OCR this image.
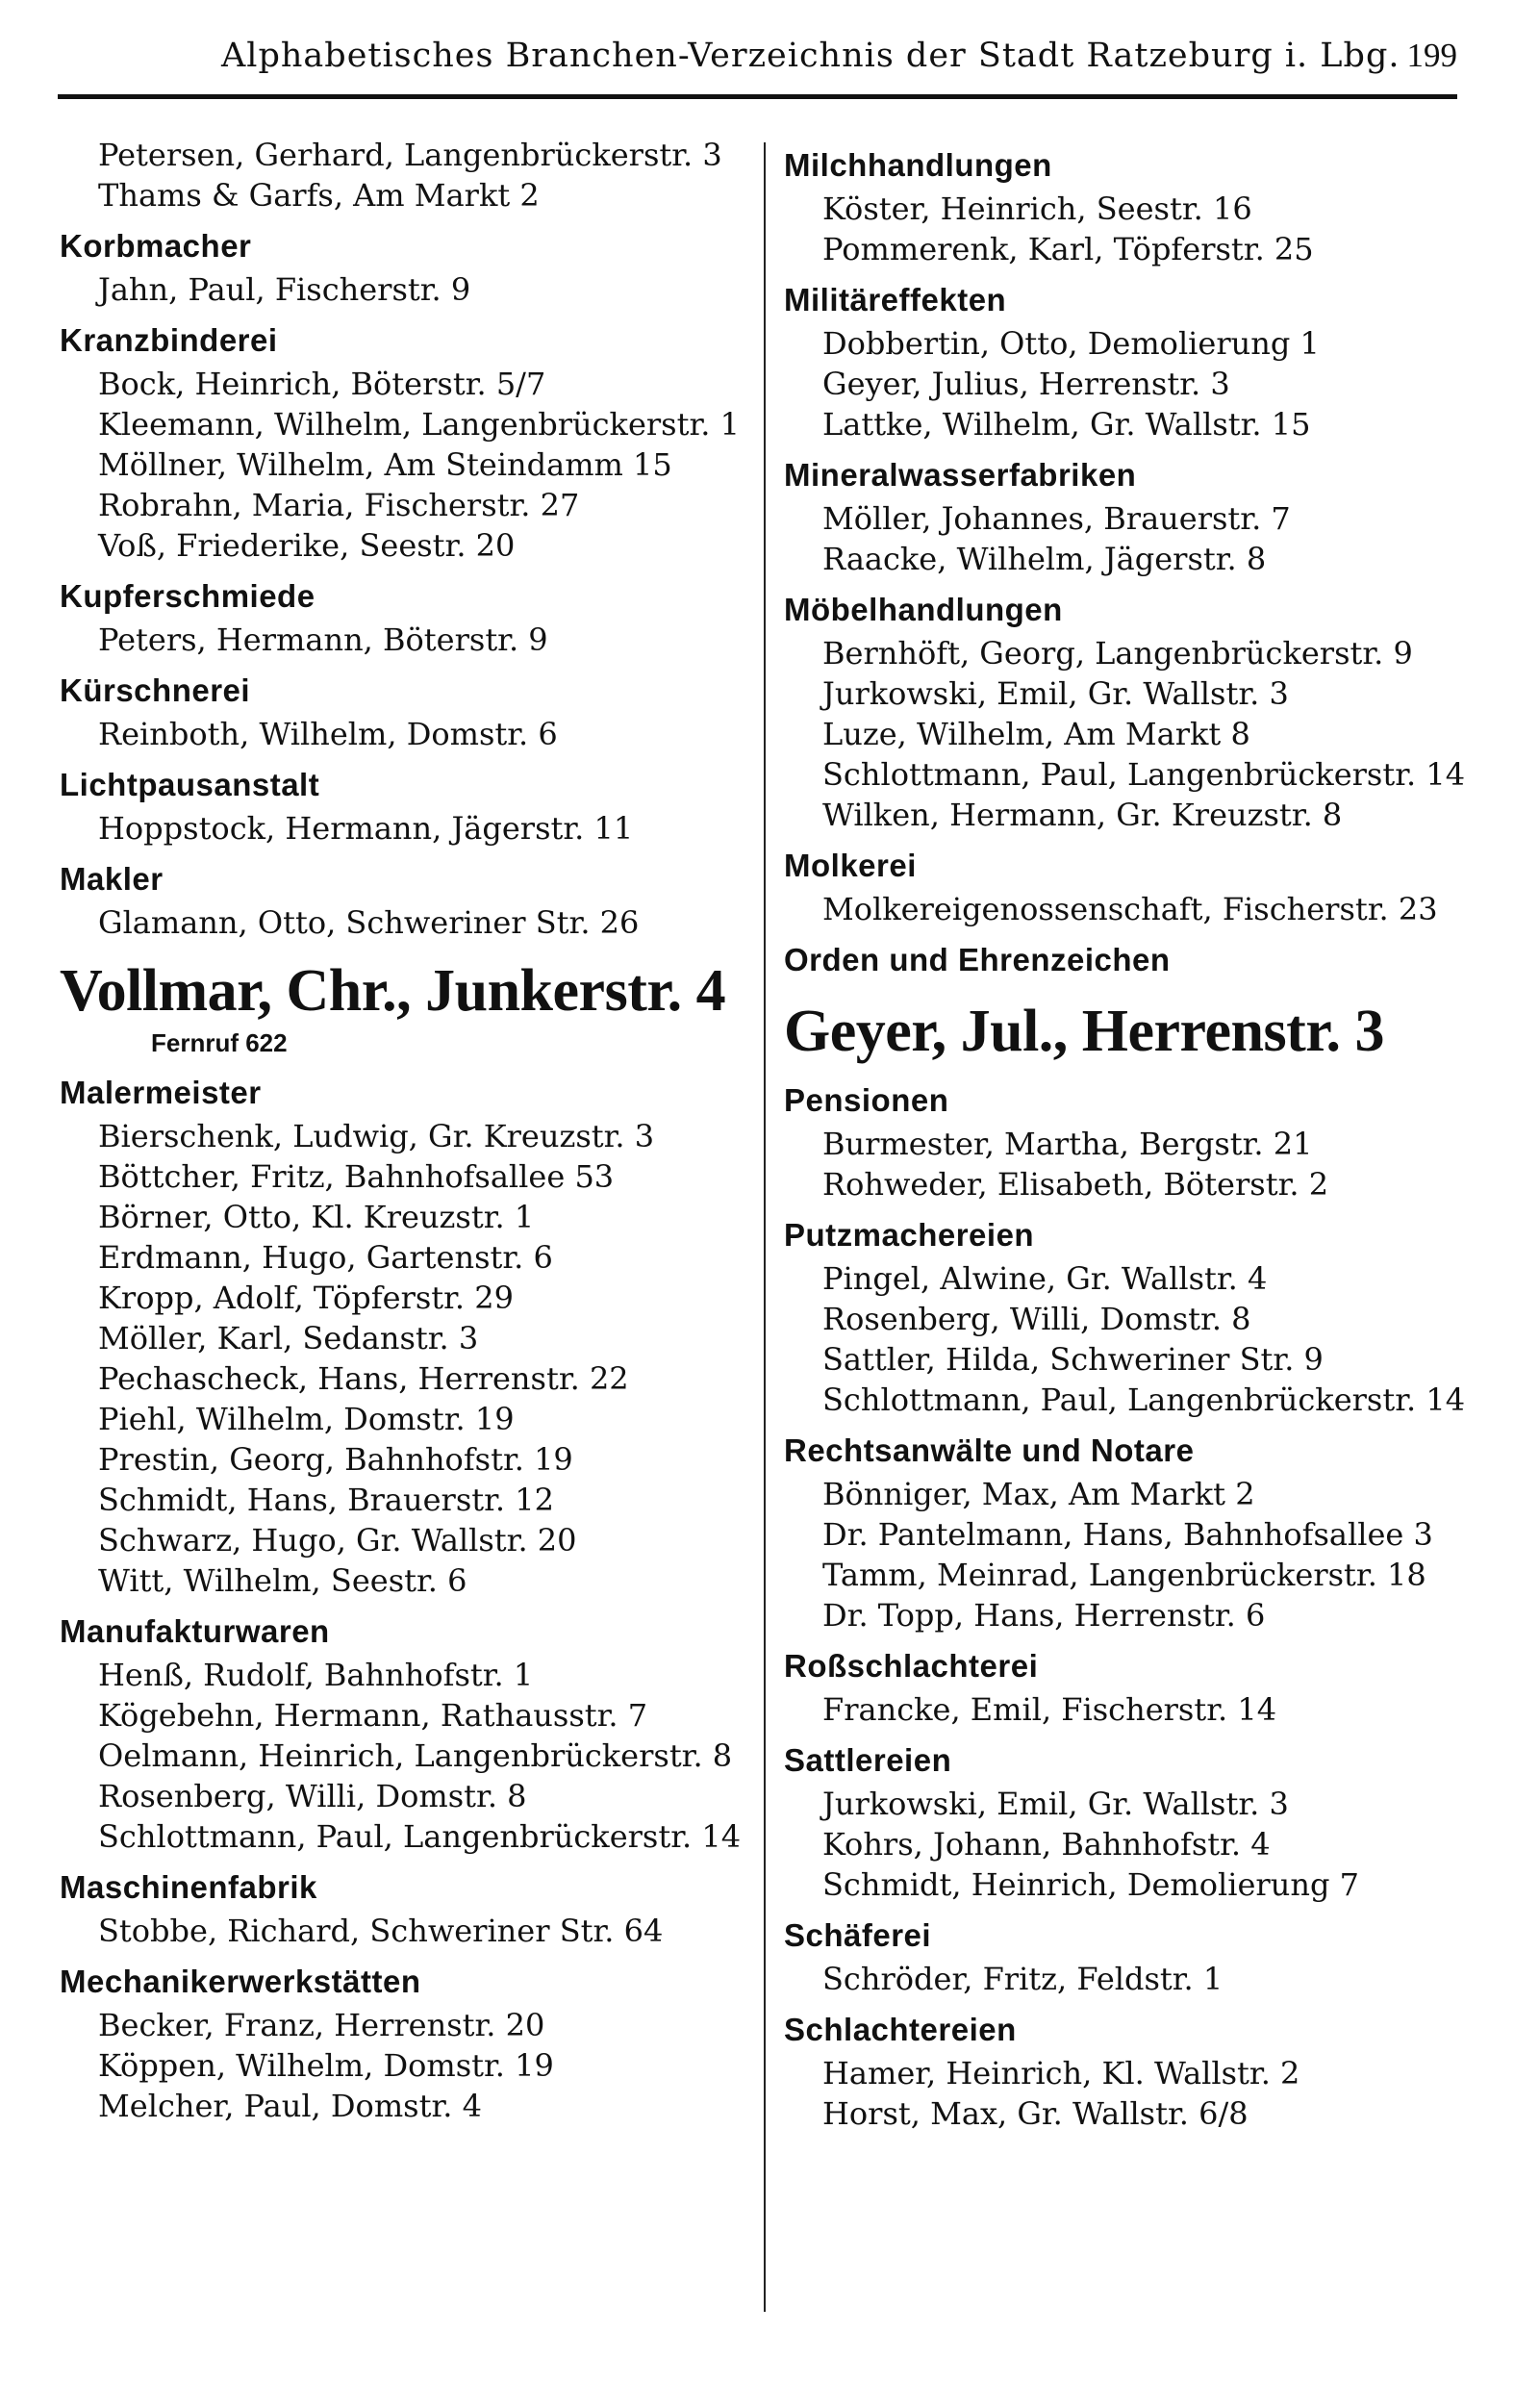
Alphabetisches Branchen-Verzeichnis der Stadt Ratzeburg i. Lbg. 199
Petersen, Gerhard, Langenbrückerstr. 3
Thams & Garfs, Am Markt 2
Korbmacher
Jahn, Paul, Fischerstr. 9
Kranzbinderei
Bock, Heinrich, Böterstr. 5/7
Kleemann, Wilhelm, Langenbrückerstr. 1
Möllner, Wilhelm, Am Steindamm 15
Robrahn, Maria, Fischerstr. 27
Voß, Friederike, Seestr. 20
Kupferschmiede
Peters, Hermann, Böterstr. 9
Kürschnerei
Reinboth, Wilhelm, Domstr. 6
Lichtpausanstalt
Hoppstock, Hermann, Jägerstr. 11
Makler
Glamann, Otto, Schweriner Str. 26
Vollmar, Chr., Junkerstr. 4
Fernruf 622
Malermeister
Bierschenk, Ludwig, Gr. Kreuzstr. 3
Böttcher, Fritz, Bahnhofsallee 53
Börner, Otto, Kl. Kreuzstr. 1
Erdmann, Hugo, Gartenstr. 6
Kropp, Adolf, Töpferstr. 29
Möller, Karl, Sedanstr. 3
Pechascheck, Hans, Herrenstr. 22
Piehl, Wilhelm, Domstr. 19
Prestin, Georg, Bahnhofstr. 19
Schmidt, Hans, Brauerstr. 12
Schwarz, Hugo, Gr. Wallstr. 20
Witt, Wilhelm, Seestr. 6
Manufakturwaren
Henß, Rudolf, Bahnhofstr. 1
Kögebehn, Hermann, Rathausstr. 7
Oelmann, Heinrich, Langenbrückerstr. 8
Rosenberg, Willi, Domstr. 8
Schlottmann, Paul, Langenbrückerstr. 14
Maschinenfabrik
Stobbe, Richard, Schweriner Str. 64
Mechanikerwerkstätten
Becker, Franz, Herrenstr. 20
Köppen, Wilhelm, Domstr. 19
Melcher, Paul, Domstr. 4
Milchhandlungen
Köster, Heinrich, Seestr. 16
Pommerenk, Karl, Töpferstr. 25
Militäreffekten
Dobbertin, Otto, Demolierung 1
Geyer, Julius, Herrenstr. 3
Lattke, Wilhelm, Gr. Wallstr. 15
Mineralwasserfabriken
Möller, Johannes, Brauerstr. 7
Raacke, Wilhelm, Jägerstr. 8
Möbelhandlungen
Bernhöft, Georg, Langenbrückerstr. 9
Jurkowski, Emil, Gr. Wallstr. 3
Luze, Wilhelm, Am Markt 8
Schlottmann, Paul, Langenbrückerstr. 14
Wilken, Hermann, Gr. Kreuzstr. 8
Molkerei
Molkereigenossenschaft, Fischerstr. 23
Orden und Ehrenzeichen
Geyer, Jul., Herrenstr. 3
Pensionen
Burmester, Martha, Bergstr. 21
Rohweder, Elisabeth, Böterstr. 2
Putzmachereien
Pingel, Alwine, Gr. Wallstr. 4
Rosenberg, Willi, Domstr. 8
Sattler, Hilda, Schweriner Str. 9
Schlottmann, Paul, Langenbrückerstr. 14
Rechtsanwälte und Notare
Bönniger, Max, Am Markt 2
Dr. Pantelmann, Hans, Bahnhofsallee 3
Tamm, Meinrad, Langenbrückerstr. 18
Dr. Topp, Hans, Herrenstr. 6
Roßschlachterei
Francke, Emil, Fischerstr. 14
Sattlereien
Jurkowski, Emil, Gr. Wallstr. 3
Kohrs, Johann, Bahnhofstr. 4
Schmidt, Heinrich, Demolierung 7
Schäferei
Schröder, Fritz, Feldstr. 1
Schlachtereien
Hamer, Heinrich, Kl. Wallstr. 2
Horst, Max, Gr. Wallstr. 6/8
